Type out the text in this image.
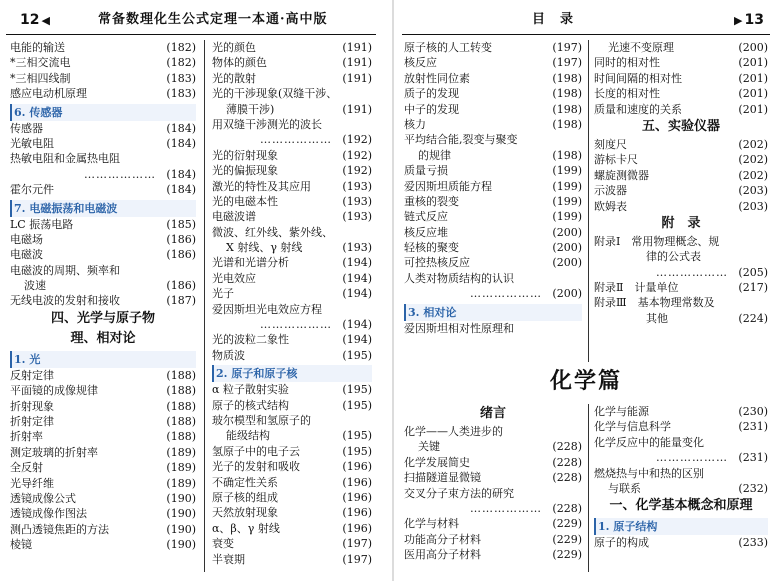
12 ◀	常备数理化生公式定理一本通·高中版
电能的输送	(182)
*三相交流电	(182)
*三相四线制	(183)
感应电动机原理	(183)
6. 传感器
传感器	(184)
光敏电阻	(184)
热敏电阻和金属热电阻
……………… (184)
霍尔元件	(184)
7. 电磁振荡和电磁波
LC 振荡电路	(185)
电磁场	(186)
电磁波	(186)
电磁波的周期、频率和
波速	(186)
无线电波的发射和接收	(187)
四、光学与原子物
理、相对论
1. 光
反射定律	(188)
平面镜的成像规律	(188)
折射现象	(188)
折射定律	(188)
折射率	(188)
测定玻璃的折射率	(189)
全反射	(189)
光导纤维	(189)
透镜成像公式	(190)
透镜成像作图法	(190)
测凸透镜焦距的方法	(190)
棱镜	(190)
光的颜色	(191)
物体的颜色	(191)
光的散射	(191)
光的干涉现象(双缝干涉、
薄膜干涉)	(191)
用双缝干涉测光的波长
……………… (192)
光的衍射现象	(192)
光的偏振现象	(192)
激光的特性及其应用	(193)
光的电磁本性	(193)
电磁波谱	(193)
微波、红外线、紫外线、
X 射线、γ 射线	(193)
光谱和光谱分析	(194)
光电效应	(194)
光子	(194)
爱因斯坦光电效应方程
……………… (194)
光的波粒二象性	(194)
物质波	(195)
2. 原子和原子核
α 粒子散射实验	(195)
原子的核式结构	(195)
玻尔模型和氢原子的
能级结构	(195)
氢原子中的电子云	(195)
光子的发射和吸收	(196)
不确定性关系	(196)
原子核的组成	(196)
天然放射现象	(196)
α、β、γ 射线	(196)
衰变	(197)
半衰期	(197)
目　录	▶ 13
原子核的人工转变	(197)
核反应	(197)
放射性同位素	(198)
质子的发现	(198)
中子的发现	(198)
核力	(198)
平均结合能,裂变与聚变
的规律	(198)
质量亏损	(199)
爱因斯坦质能方程	(199)
重核的裂变	(199)
链式反应	(199)
核反应堆	(200)
轻核的聚变	(200)
可控热核反应	(200)
人类对物质结构的认识
……………… (200)
3. 相对论
爱因斯坦相对性原理和
光速不变原理	(200)
同时的相对性	(201)
时间间隔的相对性	(201)
长度的相对性	(201)
质量和速度的关系	(201)
五、实验仪器
刻度尺	(202)
游标卡尺	(202)
螺旋测微器	(202)
示波器	(203)
欧姆表	(203)
附　录
附录Ⅰ　常用物理概念、规
律的公式表
……………… (205)
附录Ⅱ　计量单位	(217)
附录Ⅲ　基本物理常数及
其他	(224)
化学篇
绪言
化学——人类进步的
关键	(228)
化学发展简史	(228)
扫描隧道显微镜	(228)
交叉分子束方法的研究
……………… (228)
化学与材料	(229)
功能高分子材料	(229)
医用高分子材料	(229)
化学与能源	(230)
化学与信息科学	(231)
化学反应中的能量变化
……………… (231)
燃烧热与中和热的区别
与联系	(232)
一、化学基本概念和原理
1. 原子结构
原子的构成	(233)
